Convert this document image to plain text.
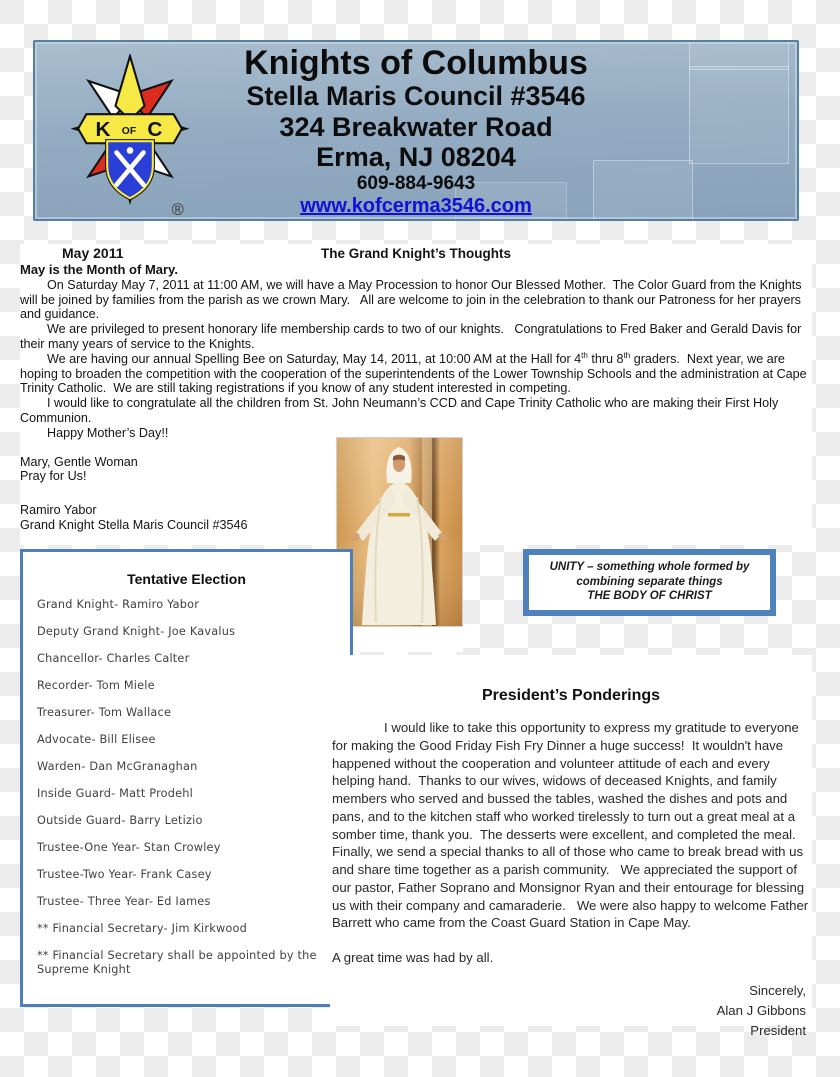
K OF C
®
Knights of Columbus
Stella Maris Council #3546
324 Breakwater Road
Erma, NJ 08204
609-884-9643
www.kofcerma3546.com
May 2011	The Grand Knight’s Thoughts

May is the Month of Mary.

On Saturday May 7, 2011 at 11:00 AM, we will have a May Procession to honor Our Blessed Mother.  The Color Guard from the Knights will be joined by families from the parish as we crown Mary.   All are welcome to join in the celebration to thank our Patroness for her prayers and guidance.

We are privileged to present honorary life membership cards to two of our knights.   Congratulations to Fred Baker and Gerald Davis for their many years of service to the Knights.

We are having our annual Spelling Bee on Saturday, May 14, 2011, at 10:00 AM at the Hall for 4th thru 8th graders.  Next year, we are hoping to broaden the competition with the cooperation of the superintendents of the Lower Township Schools and the administration at Cape Trinity Catholic.  We are still taking registrations if you know of any student interested in competing.

I would like to congratulate all the children from St. John Neumann’s CCD and Cape Trinity Catholic who are making their First Holy Communion.

Happy Mother’s Day!!

Mary, Gentle Woman

Pray for Us!

Ramiro Yabor

Grand Knight Stella Maris Council #3546

Tentative Election
Grand Knight- Ramiro Yabor
Deputy Grand Knight- Joe Kavalus
Chancellor- Charles Calter
Recorder- Tom Miele
Treasurer- Tom Wallace
Advocate- Bill Elisee
Warden- Dan McGranaghan
Inside Guard- Matt Prodehl
Outside Guard- Barry Letizio
Trustee-One Year- Stan Crowley
Trustee-Two Year- Frank Casey
Trustee- Three Year- Ed Iames
** Financial Secretary- Jim Kirkwood
** Financial Secretary shall be appointed by the Supreme Knight
UNITY – something whole formed by
combining separate things
THE BODY OF CHRIST

President’s Ponderings

I would like to take this opportunity to express my gratitude to everyone for making the Good Friday Fish Fry Dinner a huge success!  It wouldn't have happened without the cooperation and volunteer attitude of each and every helping hand.  Thanks to our wives, widows of deceased Knights, and family members who served and bussed the tables, washed the dishes and pots and pans, and to the kitchen staff who worked tirelessly to turn out a great meal at a somber time, thank you.  The desserts were excellent, and completed the meal.  Finally, we send a special thanks to all of those who came to break bread with us and share time together as a parish community.   We appreciated the support of our pastor, Father Soprano and Monsignor Ryan and their entourage for blessing us with their company and camaraderie.   We were also happy to welcome Father Barrett who came from the Coast Guard Station in Cape May.

A great time was had by all.

Sincerely,
Alan J Gibbons
President
